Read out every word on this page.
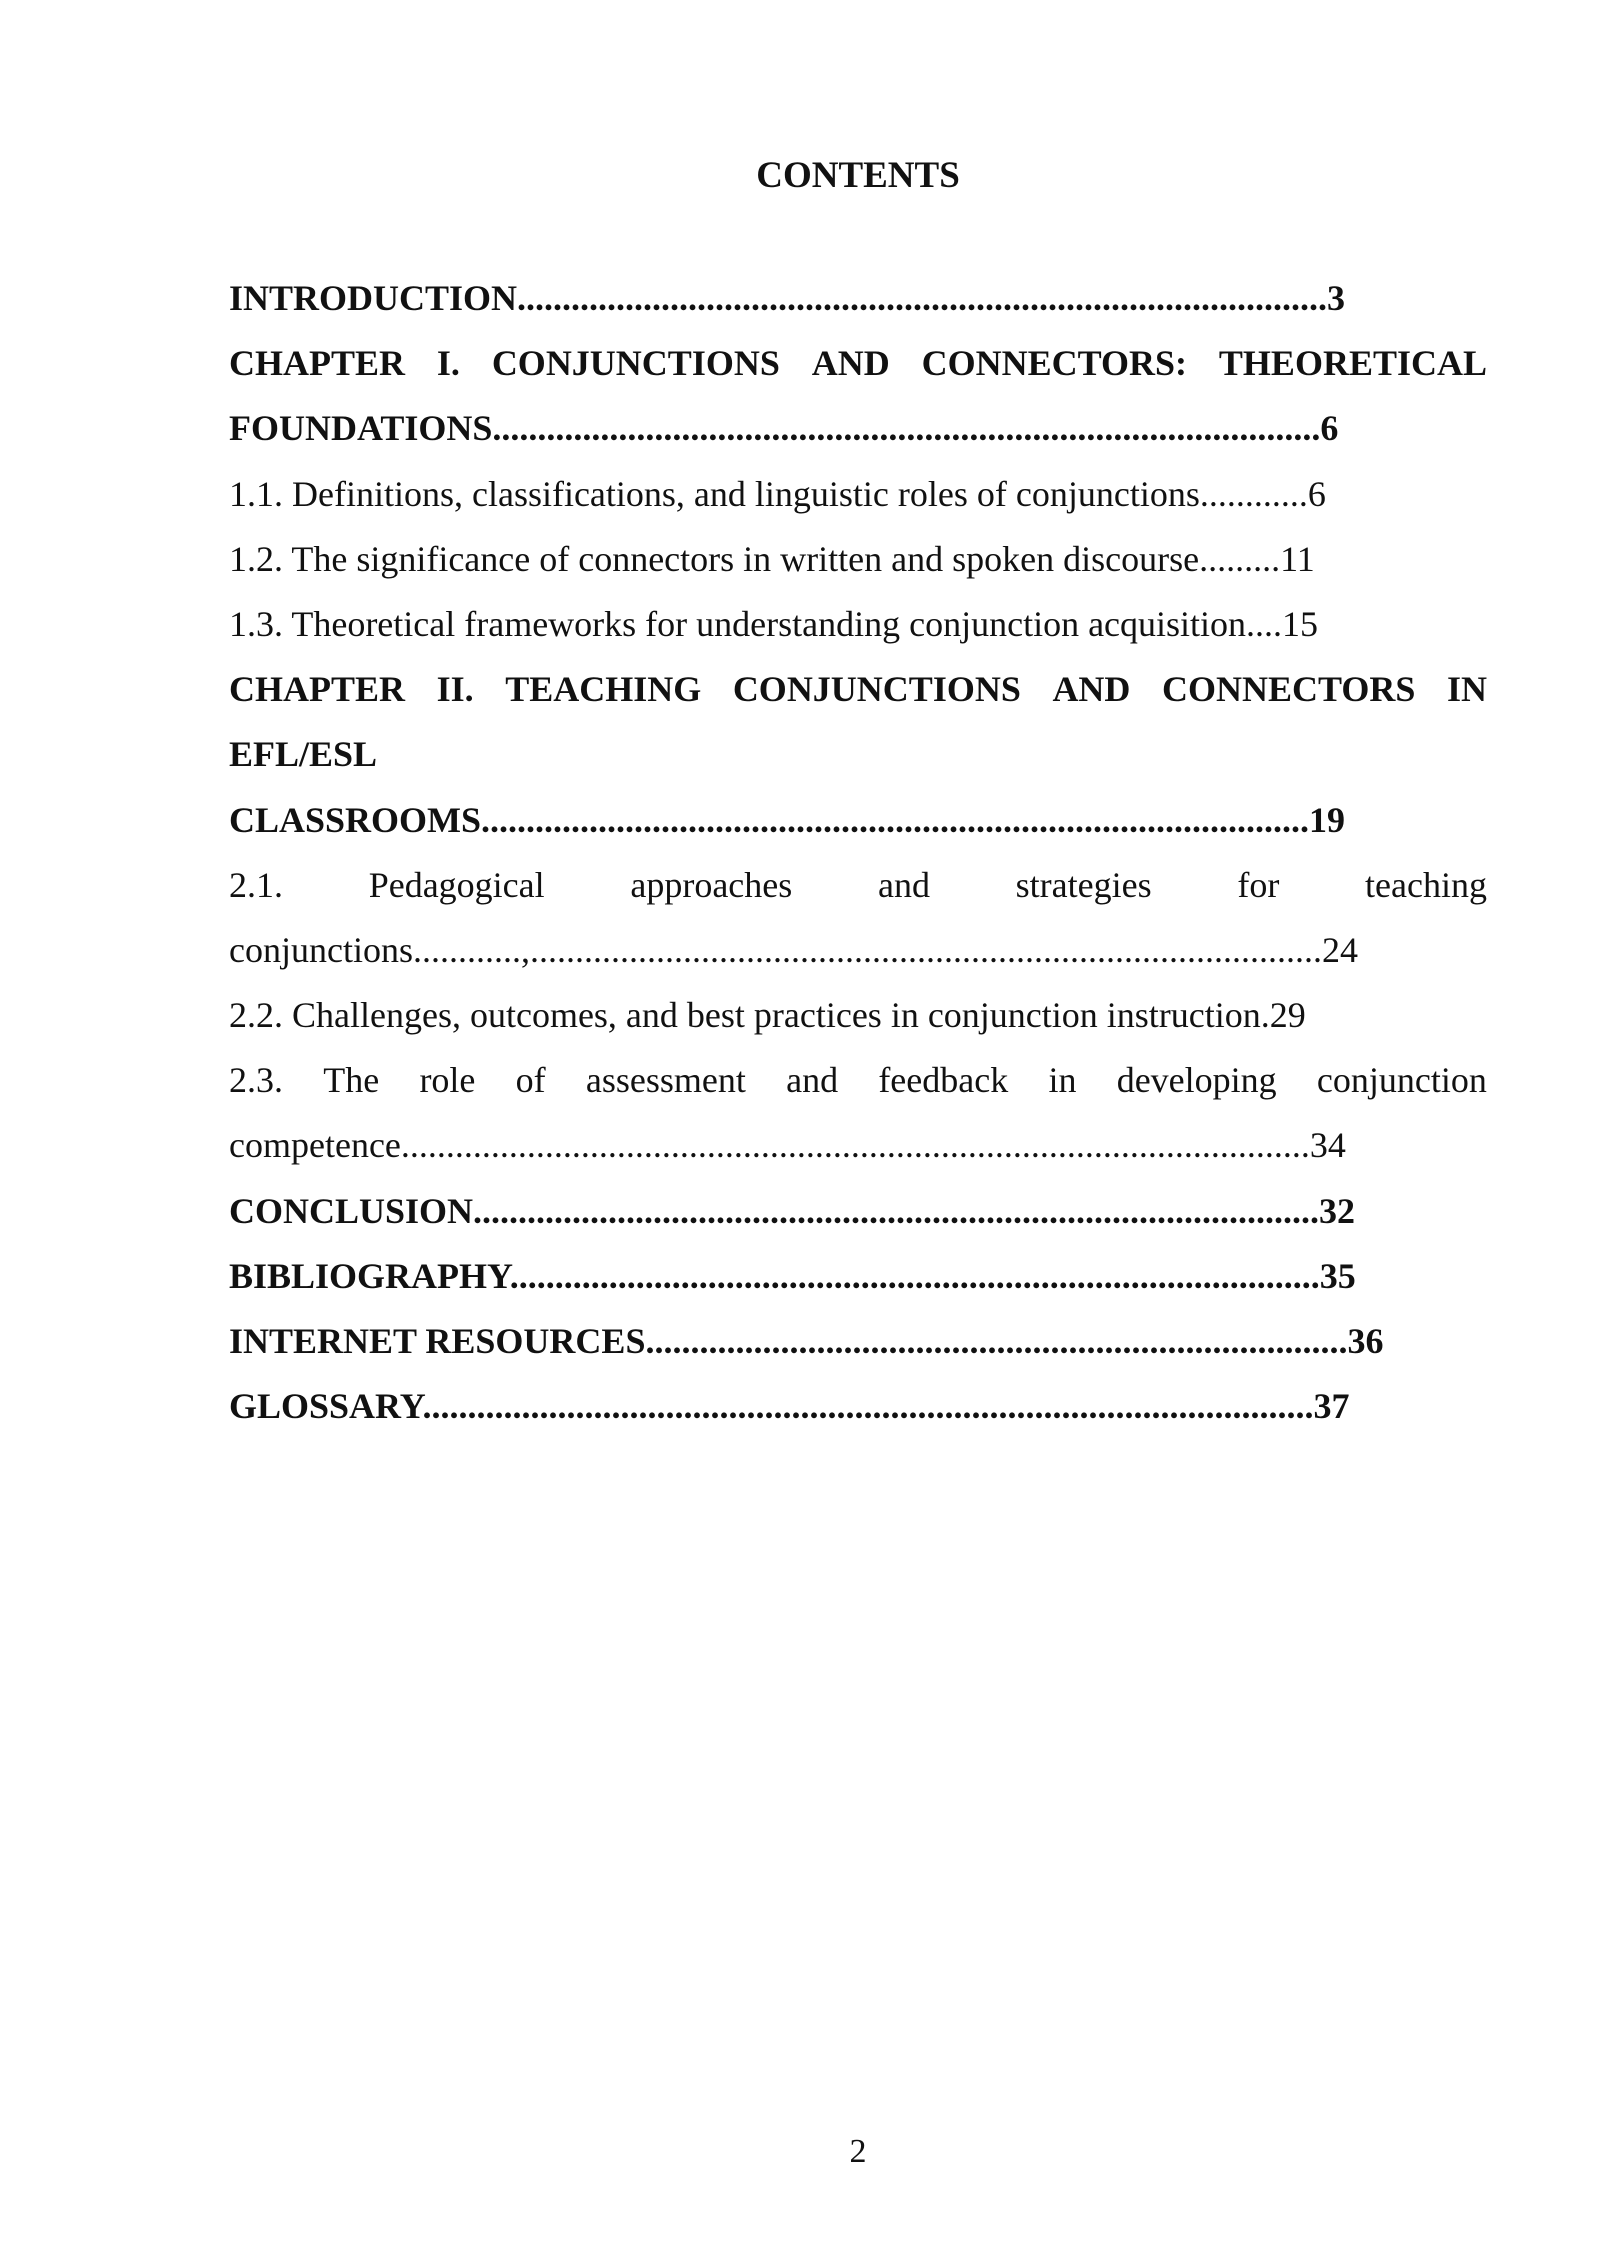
CONTENTS
INTRODUCTION..........................................................................................3
CHAPTER I. CONJUNCTIONS AND CONNECTORS: THEORETICAL
FOUNDATIONS............................................................................................6
1.1. Definitions, classifications, and linguistic roles of conjunctions............6
1.2. The significance of connectors in written and spoken discourse.........11
1.3. Theoretical frameworks for understanding conjunction acquisition....15
CHAPTER II. TEACHING CONJUNCTIONS AND CONNECTORS IN
EFL/ESL
CLASSROOMS............................................................................................19
2.1. Pedagogical approaches and strategies for teaching
conjunctions............,........................................................................................24
2.2. Challenges, outcomes, and best practices in conjunction instruction.29
2.3. The role of assessment and feedback in developing conjunction
competence.....................................................................................................34
CONCLUSION..............................................................................................32
BIBLIOGRAPHY..........................................................................................35
INTERNET RESOURCES..............................................................................36
GLOSSARY...................................................................................................37
2
